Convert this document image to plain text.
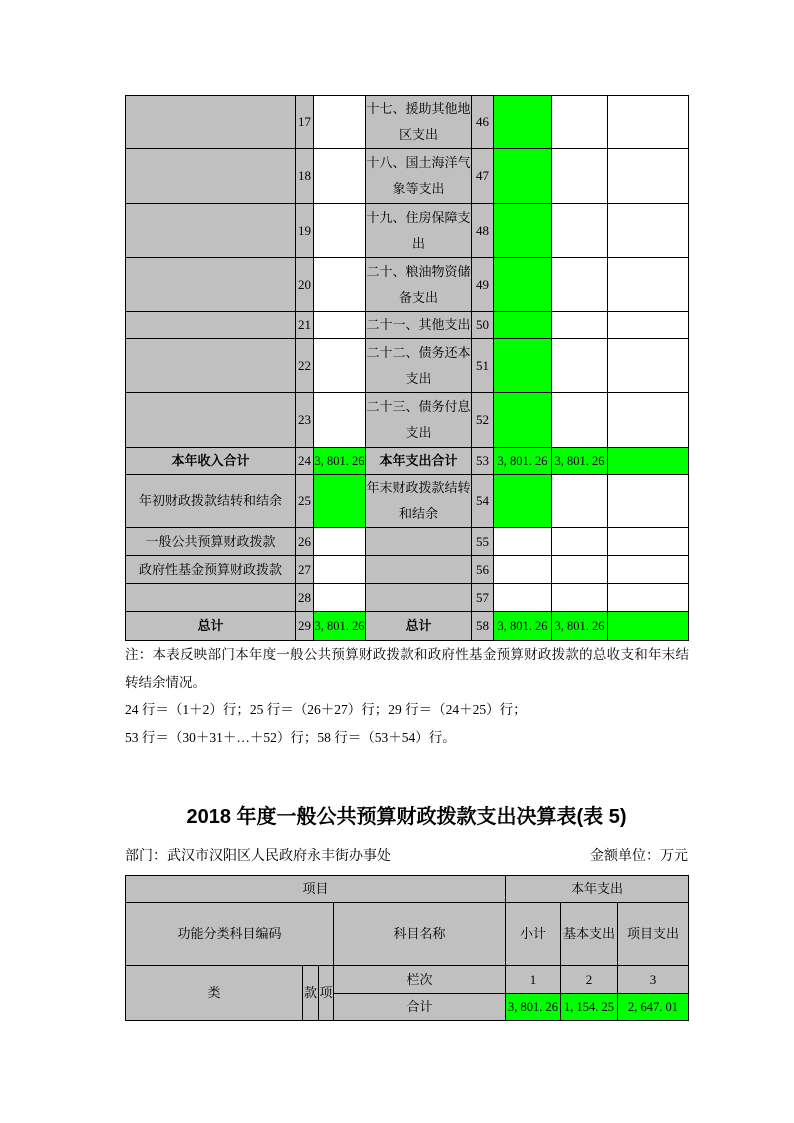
	17		十七、援助其他地区支出	46			
	18		十八、国土海洋气象等支出	47			
	19		十九、住房保障支出	48			
	20		二十、粮油物资储备支出	49			
	21		二十一、其他支出	50			
	22		二十二、债务还本支出	51			
	23		二十三、债务付息支出	52			
本年收入合计	24	3, 801. 26	本年支出合计	53	3, 801. 26	3, 801. 26	
年初财政拨款结转和结余	25		年末财政拨款结转和结余	54			
一般公共预算财政拨款	26			55			
政府性基金预算财政拨款	27			56			
	28			57			
总计	29	3, 801. 26	总计	58	3, 801. 26	3, 801. 26	

注：本表反映部门本年度一般公共预算财政拨款和政府性基金预算财政拨款的总收支和年末结转结余情况。

24 行＝（1＋2）行；25 行＝（26＋27）行；29 行＝（24＋25）行；

53 行＝（30＋31＋…＋52）行；58 行＝（53＋54）行。

2018 年度一般公共预算财政拨款支出决算表(表 5)
部门：武汉市汉阳区人民政府永丰街办事处	金额单位：万元
项目				本年支出		
功能分类科目编码			科目名称	小计	基本支出	项目支出
类	款	项	栏次	1	2	3
			合计	3, 801. 26	1, 154. 25	2, 647. 01
